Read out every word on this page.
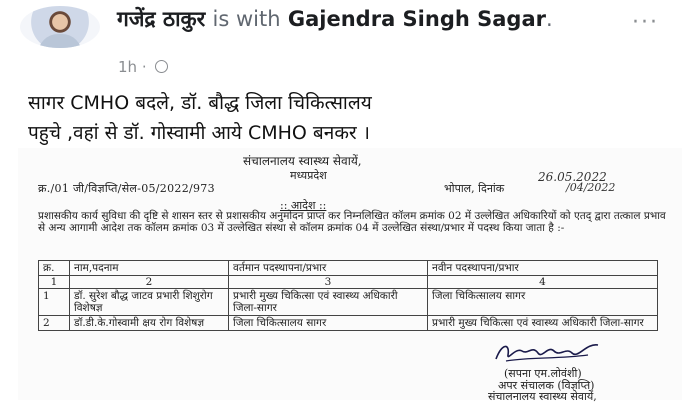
गजेंद्र ठाकुर is with Gajendra Singh Sagar.
1h ·
···
सागर CMHO बदले, डॉ. बौद्ध जिला चिकित्सालय
पहुचे ,वहां से डॉ. गोस्वामी आये CMHO बनकर ।
संचालनालय स्वास्थ्य सेवायें,
मध्यप्रदेश	26.05.2022
क्र./01 जी/विज्ञप्ति/सेल-05/2022/973	भोपाल, दिनांक	/04/2022
:: आदेश ::
प्रशासकीय कार्य सुविधा की दृष्टि से शासन स्तर से प्रशासकीय अनुमोदन प्राप्त कर निम्नलिखित कॉलम क्रमांक 02 में उल्लेखित अधिकारियों को एतद् द्वारा तत्काल प्रभाव से अन्य आगामी आदेश तक कॉलम क्रमांक 03 में उल्लेखित संस्था से कॉलम क्रमांक 04 में उल्लेखित संस्था/प्रभार में पदस्थ किया जाता है :-
क्र.	नाम,पदनाम	वर्तमान पदस्थापना/प्रभार	नवीन पदस्थापना/प्रभार
1	2	3	4
1	डॉ. सुरेश बौद्ध जाटव प्रभारी शिशुरोग विशेषज्ञ	प्रभारी मुख्य चिकित्सा एवं स्वास्थ्य अधिकारी जिला-सागर	जिला चिकित्सालय सागर
2	डॉ.डी.के.गोस्वामी क्षय रोग विशेषज्ञ	जिला चिकित्सालय सागर	प्रभारी मुख्य चिकित्सा एवं स्वास्थ्य अधिकारी जिला-सागर
(सपना एम.लोवंशी)
अपर संचालक (विज्ञप्ति)
संचालनालय स्वास्थ्य सेवायें,
